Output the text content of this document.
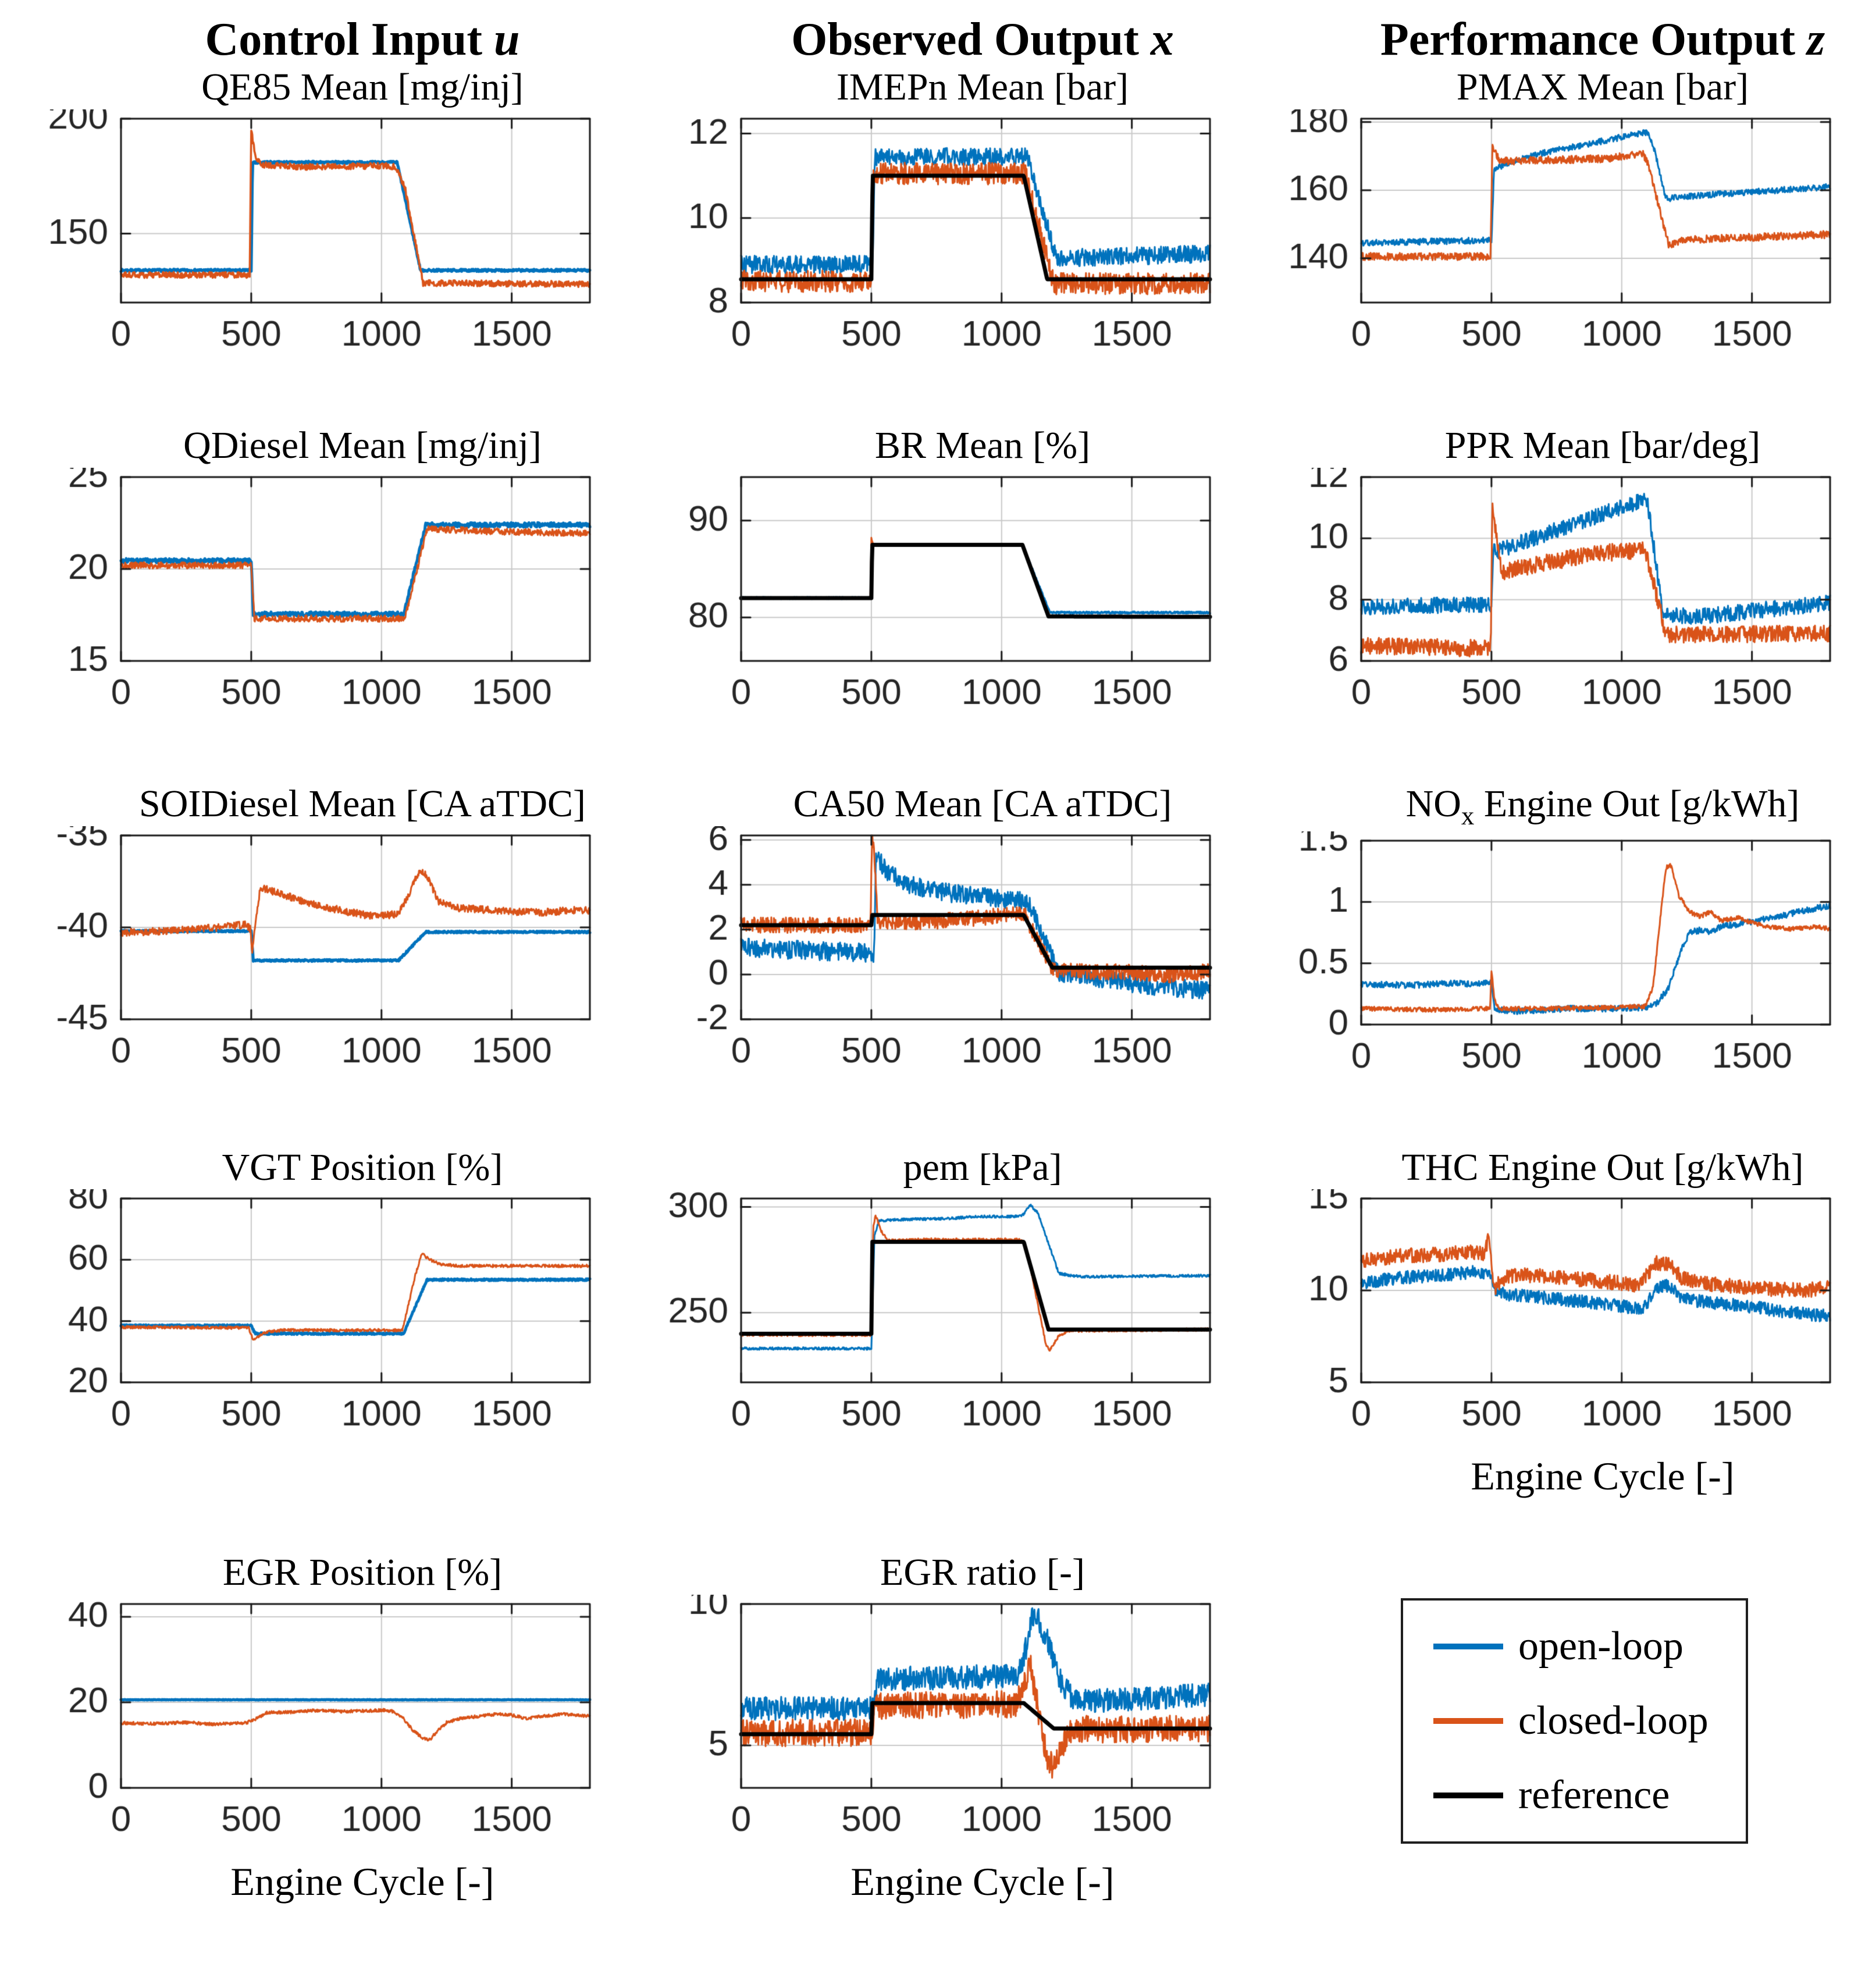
Control Input u
QE85 Mean [mg/inj]
Observed Output x
IMEPn Mean [bar]
Performance Output z
PMAX Mean [bar]
QDiesel Mean [mg/inj]	BR Mean [%]	PPR Mean [bar/deg]
SOIDiesel Mean [CA aTDC]	CA50 Mean [CA aTDC]	$NO_x$ Engine Out [g/kWh]
VGT Position [%]	pem [kPa]	THC Engine Out [g/kWh]
Engine Cycle [-]
EGR Position [%]
Engine Cycle [-]
EGR ratio [-]
Engine Cycle [-]
open-loop
closed-loop
reference
